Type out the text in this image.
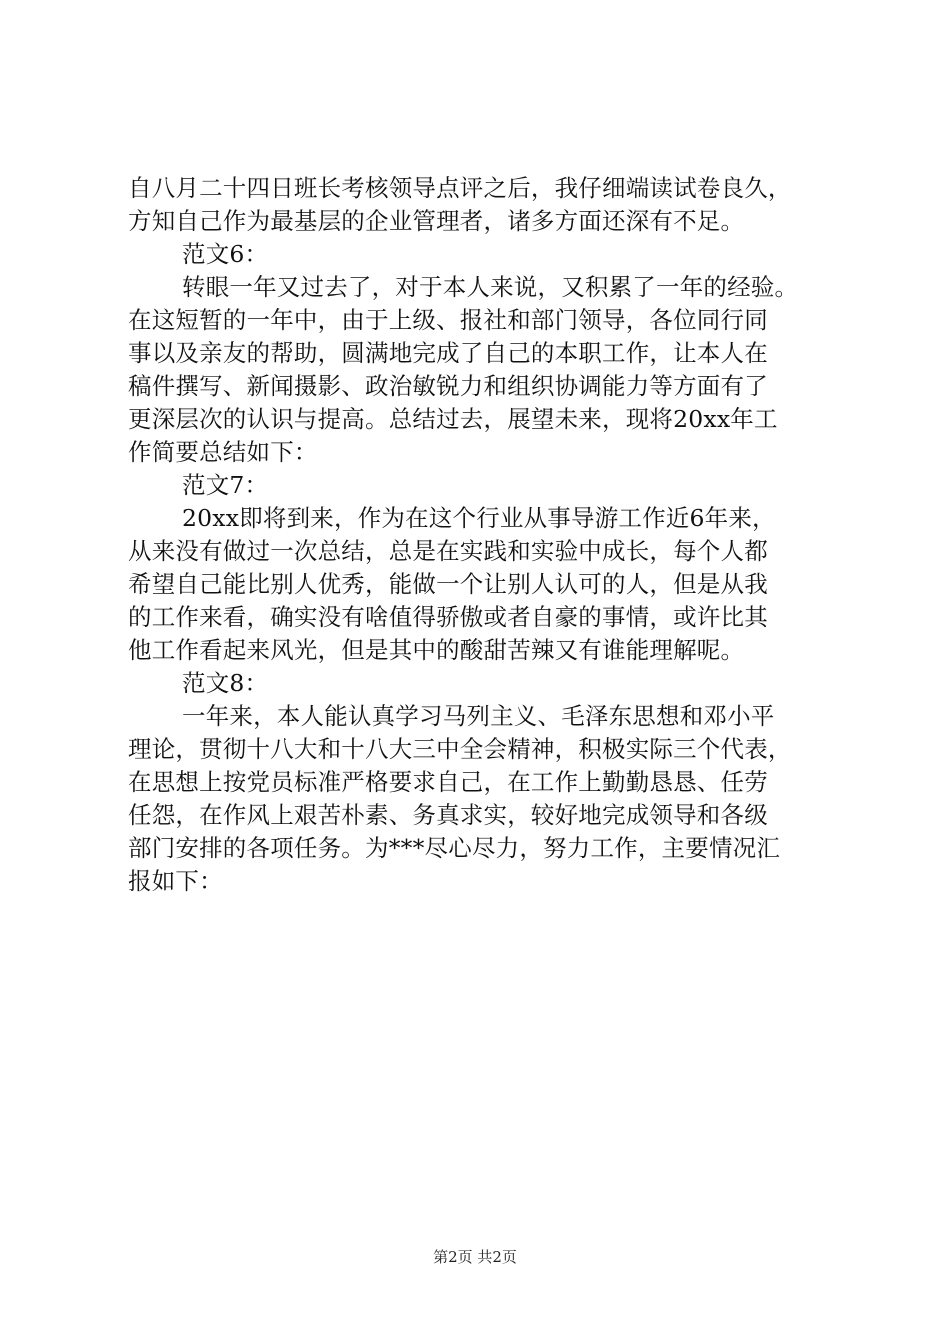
自八月二十四日班长考核领导点评之后，我仔细端读试卷良久，
方知自己作为最基层的企业管理者，诸多方面还深有不足。
范文6：
转眼一年又过去了，对于本人来说，又积累了一年的经验。
在这短暂的一年中，由于上级、报社和部门领导，各位同行同
事以及亲友的帮助，圆满地完成了自己的本职工作，让本人在
稿件撰写、新闻摄影、政治敏锐力和组织协调能力等方面有了
更深层次的认识与提高。总结过去，展望未来，现将20xx年工
作简要总结如下：
范文7：
20xx即将到来，作为在这个行业从事导游工作近6年来，
从来没有做过一次总结，总是在实践和实验中成长，每个人都
希望自己能比别人优秀，能做一个让别人认可的人，但是从我
的工作来看，确实没有啥值得骄傲或者自豪的事情，或许比其
他工作看起来风光，但是其中的酸甜苦辣又有谁能理解呢。
范文8：
一年来，本人能认真学习马列主义、毛泽东思想和邓小平
理论，贯彻十八大和十八大三中全会精神，积极实际三个代表，
在思想上按党员标准严格要求自己，在工作上勤勤恳恳、任劳
任怨，在作风上艰苦朴素、务真求实，较好地完成领导和各级
部门安排的各项任务。为***尽心尽力，努力工作，主要情况汇
报如下：
第2页 共2页
